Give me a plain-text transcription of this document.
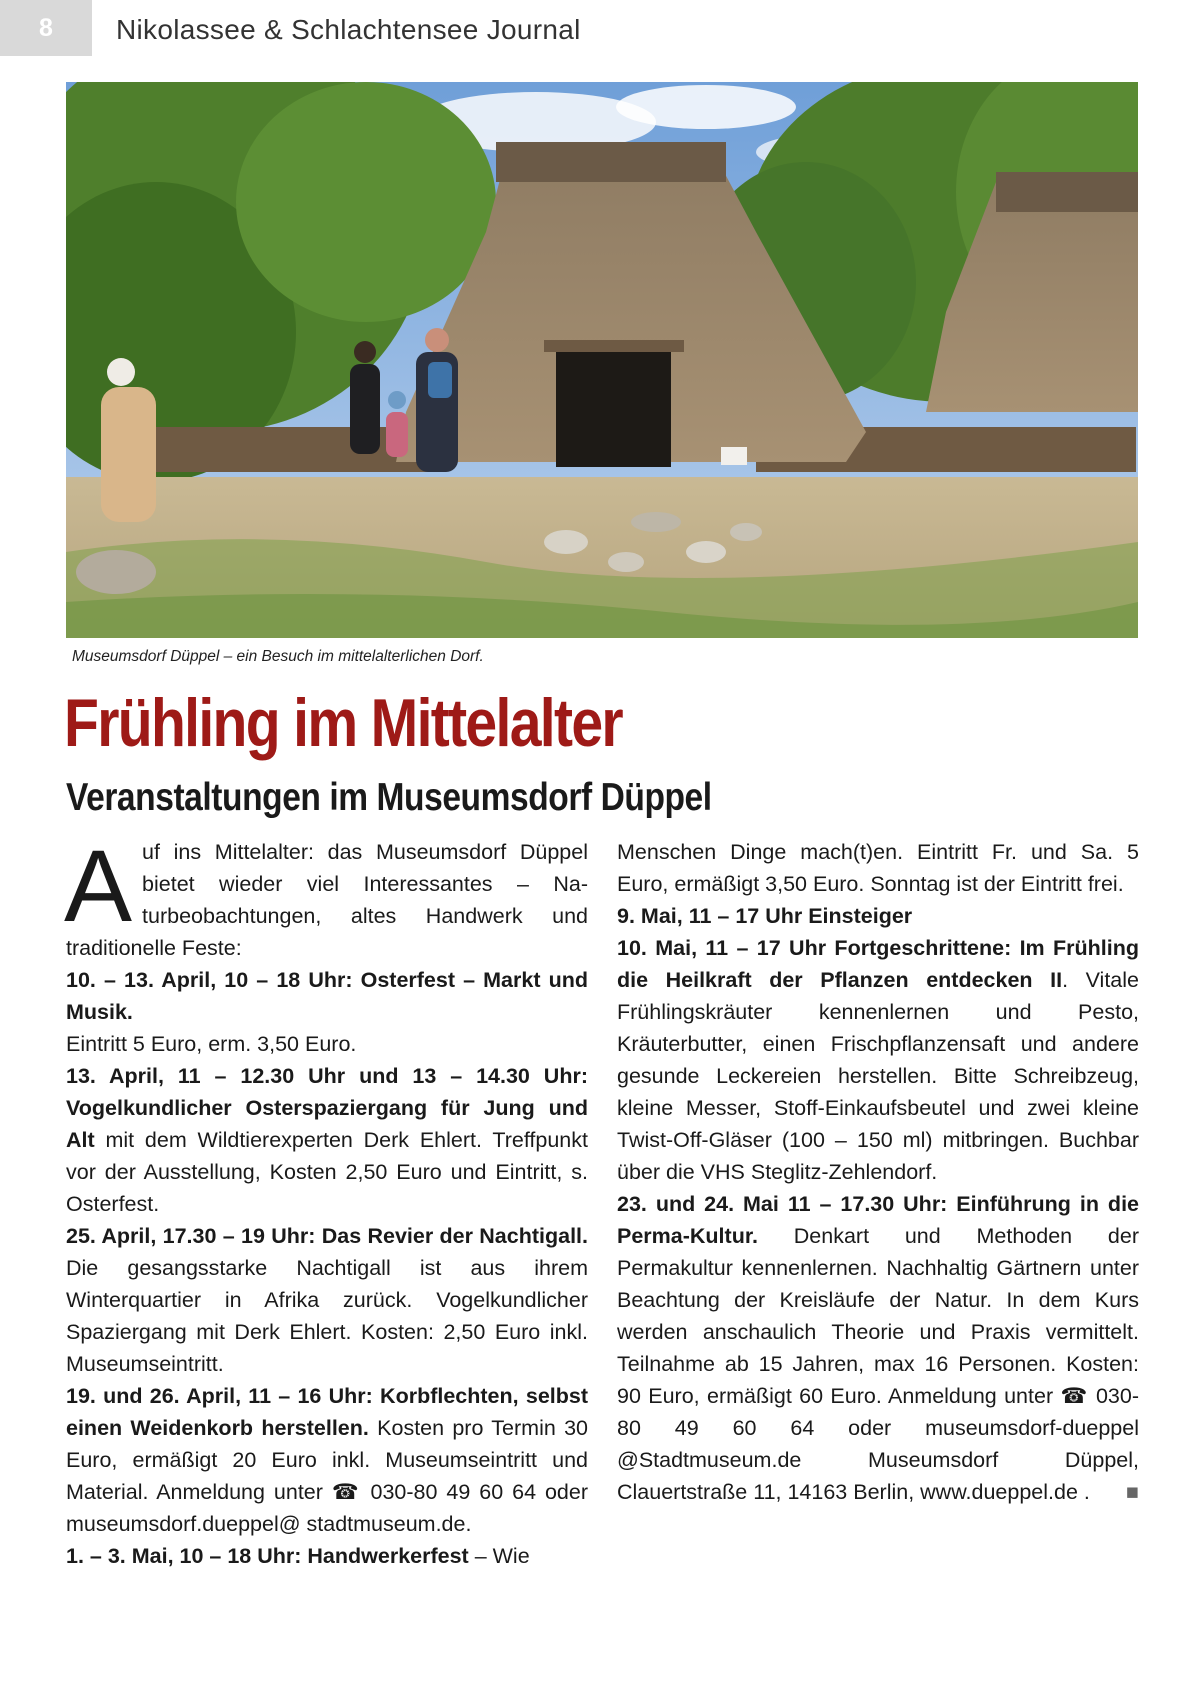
8 Nikolassee & Schlachtensee Journal
Museumsdorf Düppel – ein Besuch im mittelalterlichen Dorf.
Frühling im Mittelalter
Veranstaltungen im Museumsdorf Düppel

Auf ins Mittelalter: das Museumsdorf Düppel bietet wieder viel Interessantes – Naturbeobachtungen, altes Handwerk und traditionelle Feste:

10. – 13. April, 10 – 18 Uhr: Osterfest – Markt und Musik.

Eintritt 5 Euro, erm. 3,50 Euro.

13. April, 11 – 12.30 Uhr und 13 – 14.30 Uhr: Vogelkundlicher Osterspaziergang für Jung und Alt mit dem Wildtierexperten Derk Ehlert. Treffpunkt vor der Ausstellung, Kosten 2,50 Euro und Eintritt, s. Osterfest.

25. April, 17.30 – 19 Uhr: Das Revier der Nachtigall. Die gesangsstarke Nachtigall ist aus ihrem Winterquartier in Afrika zurück. Vogelkundlicher Spaziergang mit Derk Ehlert. Kosten: 2,50 Euro inkl. Museumseintritt.

19. und 26. April, 11 – 16 Uhr: Korbflechten, selbst einen Weidenkorb herstellen. Kosten pro Termin 30 Euro, ermäßigt 20 Euro inkl. Museumseintritt und Material. Anmeldung unter ☎ 030-80 49 60 64 oder museumsdorf.dueppel@ stadtmuseum.de.

1. – 3. Mai, 10 – 18 Uhr: Handwerkerfest – Wie

Menschen Dinge mach(t)en. Eintritt Fr. und Sa. 5 Euro, ermäßigt 3,50 Euro. Sonntag ist der Eintritt frei.

9. Mai, 11 – 17 Uhr Einsteiger

10. Mai, 11 – 17 Uhr Fortgeschrittene: Im Frühling die Heilkraft der Pflanzen entdecken II. Vitale Frühlingskräuter kennenlernen und Pesto, Kräuterbutter, einen Frischpflanzensaft und andere gesunde Leckereien herstellen. Bitte Schreibzeug, kleine Messer, Stoff-Einkaufsbeutel und zwei kleine Twist-Off-Gläser (100 – 150 ml) mitbringen. Buchbar über die VHS Steglitz-Zehlendorf.

23. und 24. Mai 11 – 17.30 Uhr: Einführung in die Perma-Kultur. Denkart und Methoden der Permakultur kennenlernen. Nachhaltig Gärtnern unter Beachtung der Kreisläufe der Natur. In dem Kurs werden anschaulich Theorie und Praxis vermittelt. Teilnahme ab 15 Jahren, max 16 Personen. Kosten: 90 Euro, ermäßigt 60 Euro. Anmeldung unter ☎ 030-80 49 60 64 oder museumsdorf-dueppel @Stadtmuseum.de Museumsdorf Düppel, Clauertstraße 11, 14163 Berlin, www.dueppel.de . ■
